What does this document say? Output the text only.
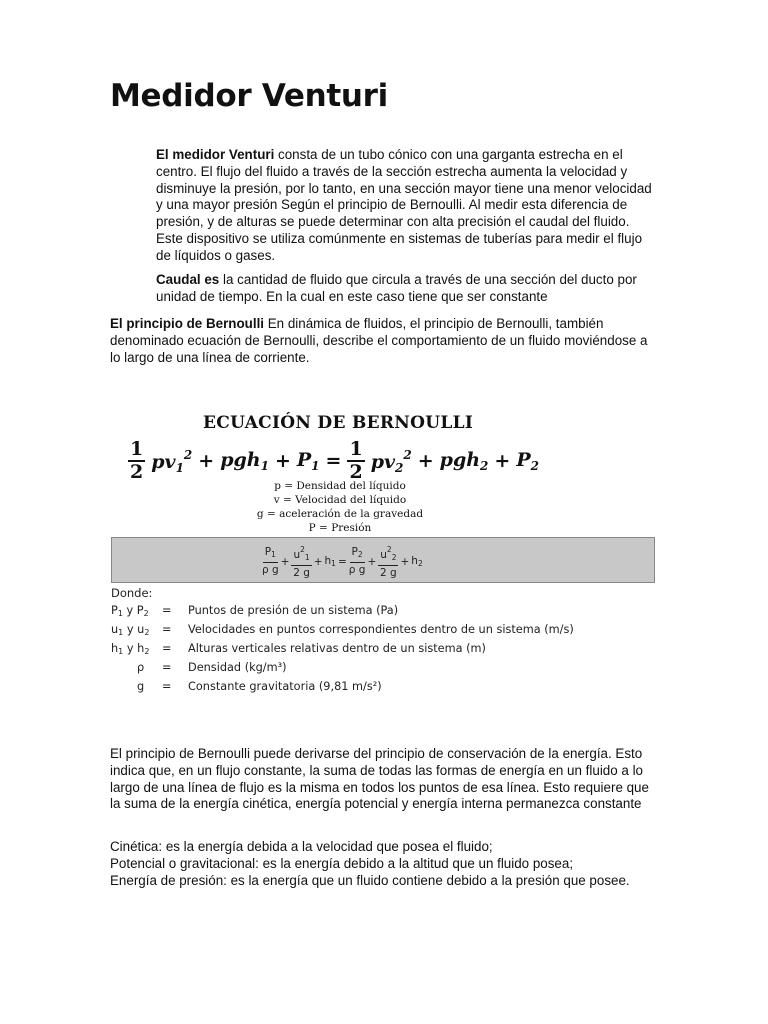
Medidor Venturi

El medidor Venturi consta de un tubo cónico con una garganta estrecha en el centro. El flujo del fluido a través de la sección estrecha aumenta la velocidad y disminuye la presión, por lo tanto, en una sección mayor tiene una menor velocidad y una mayor presión Según el principio de Bernoulli. Al medir esta diferencia de presión, y de alturas se puede determinar con alta precisión el caudal del fluido. Este dispositivo se utiliza comúnmente en sistemas de tuberías para medir el flujo de líquidos o gases.

Caudal es la cantidad de fluido que circula a través de una sección del ducto por unidad de tiempo. En la cual en este caso tiene que ser constante

El principio de Bernoulli En dinámica de fluidos, el principio de Bernoulli, también denominado ecuación de Bernoulli, describe el comportamiento de un fluido moviéndose a lo largo de una línea de corriente.

ECUACIÓN DE BERNOULLI
$\frac{1}{2} pv_1^2 + pgh_1 + P_1 = \frac{1}{2} pv_2^2 + pgh_2 + P_2$
p = Densidad del líquido
v = Velocidad del líquido
g = aceleración de la gravedad
P = Presión
P1
ρ g
+ $\frac{u^21}{2 g} + h1 = \frac{P2}{\text{ρ g}} + \frac{u^22}{2 g} + h2$
Donde:
P1 y P2	= Puntos de presión de un sistema (Pa)
u1 y u2	= Velocidades en puntos correspondientes dentro de un sistema (m/s)
h1 y h2	= Alturas verticales relativas dentro de un sistema (m)
ρ	= Densidad (kg/m³)
g	= Constante gravitatoria (9,81 m/s²)

El principio de Bernoulli puede derivarse del principio de conservación de la energía. Esto indica que, en un flujo constante, la suma de todas las formas de energía en un fluido a lo largo de una línea de flujo es la misma en todos los puntos de esa línea. Esto requiere que la suma de la energía cinética, energía potencial y energía interna permanezca constante

Cinética: es la energía debida a la velocidad que posea el fluido;
Potencial o gravitacional: es la energía debido a la altitud que un fluido posea;
Energía de presión: es la energía que un fluido contiene debido a la presión que posee.
